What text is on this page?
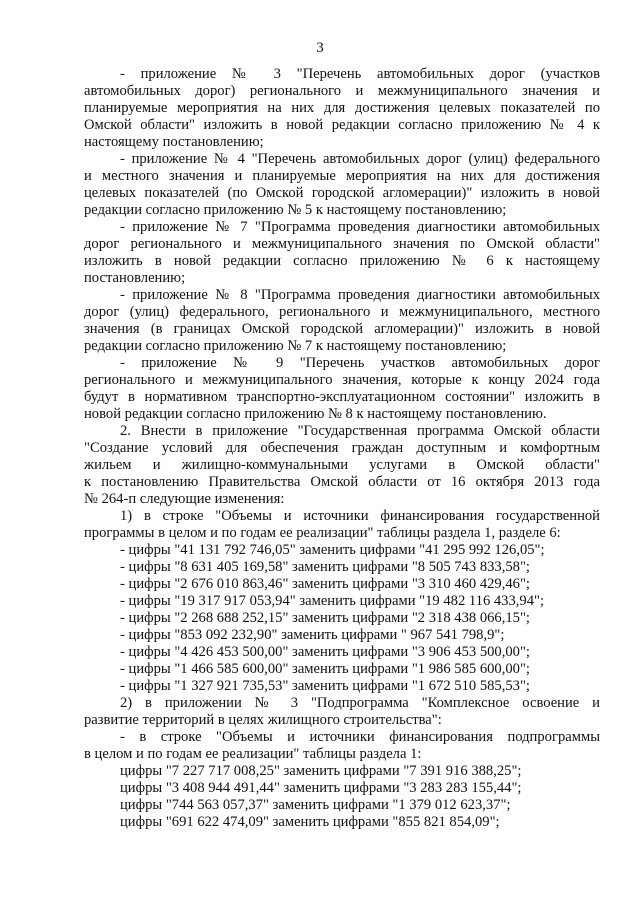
3
- приложение № 3 "Перечень автомобильных дорог (участков
автомобильных дорог) регионального и межмуниципального значения и
планируемые мероприятия на них для достижения целевых показателей по
Омской области" изложить в новой редакции согласно приложению № 4 к
настоящему постановлению;
- приложение № 4 "Перечень автомобильных дорог (улиц) федерального
и местного значения и планируемые мероприятия на них для достижения
целевых показателей (по Омской городской агломерации)" изложить в новой
редакции согласно приложению № 5 к настоящему постановлению;
- приложение № 7 "Программа проведения диагностики автомобильных
дорог регионального и межмуниципального значения по Омской области"
изложить в новой редакции согласно приложению № 6 к настоящему
постановлению;
- приложение № 8 "Программа проведения диагностики автомобильных
дорог (улиц) федерального, регионального и межмуниципального, местного
значения (в границах Омской городской агломерации)" изложить в новой
редакции согласно приложению № 7 к настоящему постановлению;
- приложение № 9 "Перечень участков автомобильных дорог
регионального и межмуниципального значения, которые к концу 2024 года
будут в нормативном транспортно-эксплуатационном состоянии" изложить в
новой редакции согласно приложению № 8 к настоящему постановлению.
2. Внести в приложение "Государственная программа Омской области
"Создание условий для обеспечения граждан доступным и комфортным
жильем и жилищно-коммунальными услугами в Омской области"
к постановлению Правительства Омской области от 16 октября 2013 года
№ 264-п следующие изменения:
1) в строке "Объемы и источники финансирования государственной
программы в целом и по годам ее реализации" таблицы раздела 1, разделе 6:
- цифры "41 131 792 746,05" заменить цифрами "41 295 992 126,05";
- цифры "8 631 405 169,58" заменить цифрами "8 505 743 833,58";
- цифры "2 676 010 863,46" заменить цифрами "3 310 460 429,46";
- цифры "19 317 917 053,94" заменить цифрами "19 482 116 433,94";
- цифры "2 268 688 252,15" заменить цифрами "2 318 438 066,15";
- цифры "853 092 232,90" заменить цифрами " 967 541 798,9";
- цифры "4 426 453 500,00" заменить цифрами "3 906 453 500,00";
- цифры "1 466 585 600,00" заменить цифрами "1 986 585 600,00";
- цифры "1 327 921 735,53" заменить цифрами "1 672 510 585,53";
2) в приложении № 3 "Подпрограмма "Комплексное освоение и
развитие территорий в целях жилищного строительства":
- в строке "Объемы и источники финансирования подпрограммы
в целом и по годам ее реализации" таблицы раздела 1:
цифры "7 227 717 008,25" заменить цифрами "7 391 916 388,25";
цифры "3 408 944 491,44" заменить цифрами "3 283 283 155,44";
цифры "744 563 057,37" заменить цифрами "1 379 012 623,37";
цифры "691 622 474,09" заменить цифрами "855 821 854,09";
